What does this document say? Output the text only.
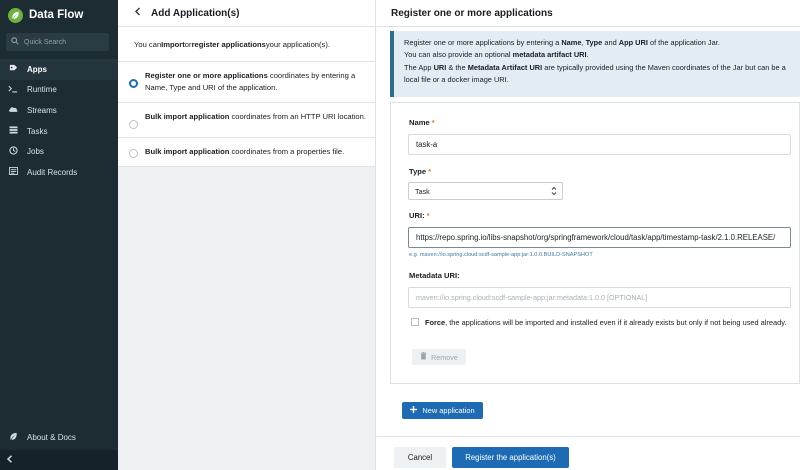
Data Flow
Quick Search
Apps
Runtime
Streams
Tasks
Jobs
Audit Records
About & Docs
Add Application(s)
You can Import or register applications your application(s).
Register one or more applications coordinates by entering a Name, Type and URI of the application.
Bulk import application coordinates from an HTTP URI location.
Bulk import application coordinates from a properties file.
Register one or more applications
Register one or more applications by entering a Name, Type and App URI of the application Jar.
You can also provide an optional metadata artifact URI.
The App URI & the Metadata Artifact URI are typically provided using the Maven coordinates of the Jar but can be a local file or a docker image URI.
Name *
task-a
Type *
Task
URI: *
https://repo.spring.io/libs-snapshot/org/springframework/cloud/task/app/timestamp-task/2.1.0.RELEASE/
e.g. maven://io.spring.cloud:scdf-sample-app:jar:1.0.0.BUILD-SNAPSHOT
Metadata URI:
maven://io.spring.cloud:scdf-sample-app:jar:metadata:1.0.0 [OPTIONAL]
Force, the applications will be imported and installed even if it already exists but only if not being used already.
Remove
New application
Cancel	Register the application(s)
